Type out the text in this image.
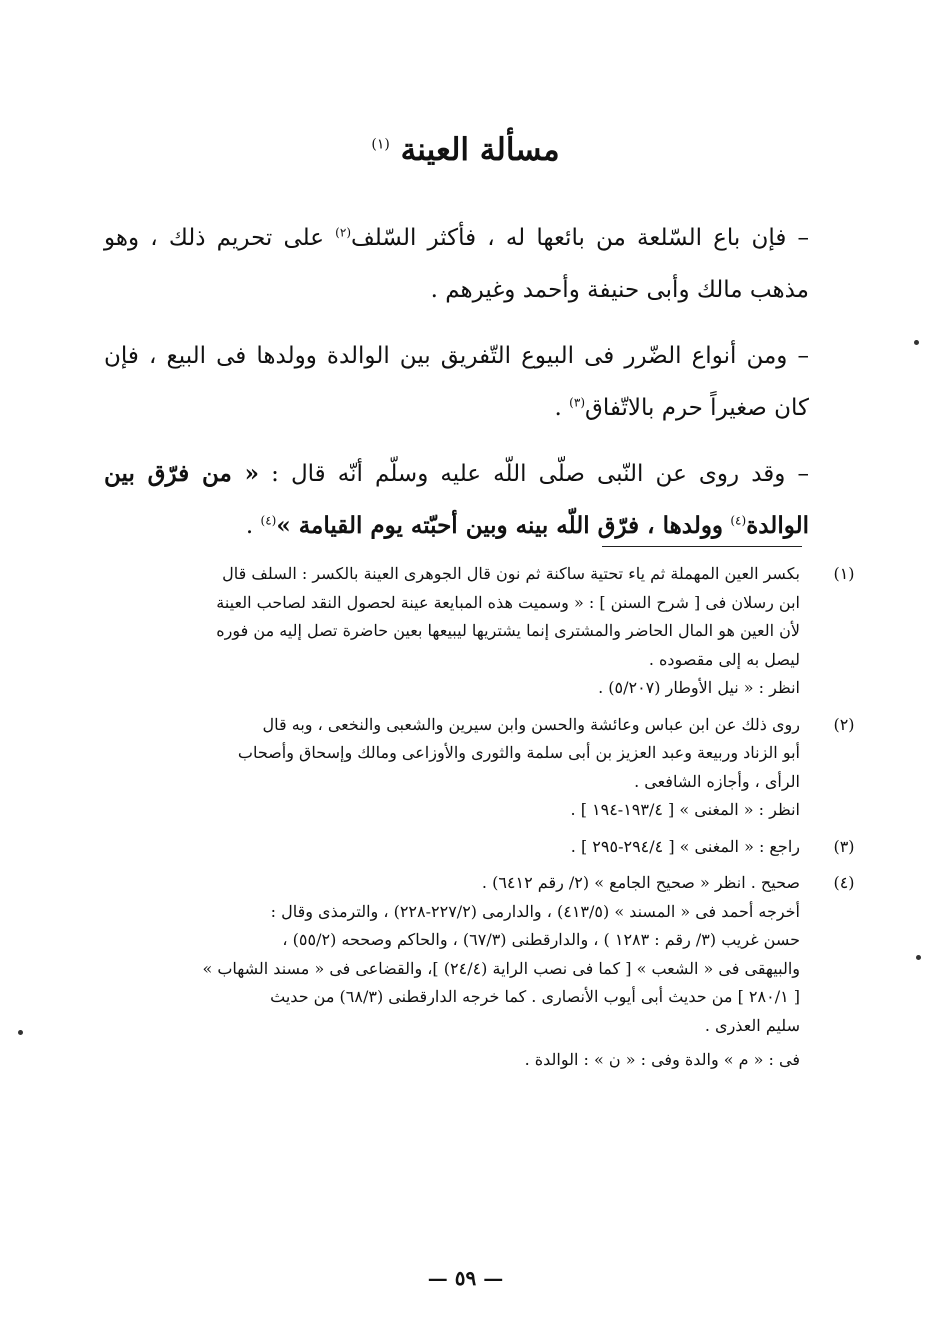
مسألة العينة $^{(١)}$

– فإن باع السّلعة من بائعها له ، فأكثر السّلف$^{(٢)}$ على تحريم ذلك ، وهو مذهب مالك وأبى حنيفة وأحمد وغيرهم .

– ومن أنواع الضّرر فى البيوع التّفريق بين الوالدة وولدها فى البيع ، فإن كان صغيراً حرم بالاتّفاق$^{(٣)}$ .

– وقد روى عن النّبى صلّى اللّه عليه وسلّم أنّه قال : « من فرّق بين الوالدة$^{(٤)}$ وولدها ، فرّق اللّه بينه وبين أحبّته يوم القيامة »$^{(٤)}$ .

(١)
بكسر العين المهملة ثم ياء تحتية ساكنة ثم نون قال الجوهرى العينة بالكسر : السلف قال
ابن رسلان فى [ شرح السنن ] : « وسميت هذه المبايعة عينة لحصول النقد لصاحب العينة
لأن العين هو المال الحاضر والمشترى إنما يشتريها ليبيعها بعين حاضرة تصل إليه من فوره
ليصل به إلى مقصوده .
انظر : « نيل الأوطار (٥/٢٠٧) .
(٢)
روى ذلك عن ابن عباس وعائشة والحسن وابن سيرين والشعبى والنخعى ، وبه قال
أبو الزناد وربيعة وعبد العزيز بن أبى سلمة والثورى والأوزاعى ومالك وإسحاق وأصحاب
الرأى ، وأجازه الشافعى .
انظر : « المغنى » [ ١٩٣/٤-١٩٤ ] .
(٣)
راجع : « المغنى » [ ٢٩٤/٤-٢٩٥ ] .
(٤)
صحيح . انظر « صحيح الجامع » (٢/ رقم ٦٤١٢) .
أخرجه أحمد فى « المسند » (٤١٣/٥) ، والدارمى (٢٢٧/٢-٢٢٨) ، والترمذى وقال :
حسن غريب (٣/ رقم : ١٢٨٣ ) ، والدارقطنى (٦٧/٣) ، والحاكم وصححه (٥٥/٢) ،
والبيهقى فى « الشعب » [ كما فى نصب الراية (٢٤/٤) ]، والقضاعى فى « مسند الشهاب »
[ ٢٨٠/١ ] من حديث أبى أيوب الأنصارى . كما خرجه الدارقطنى (٦٨/٣) من حديث
سليم العذرى .
فى : « م » والدة وفى : « ن » : الوالدة .
— ٥٩ —
